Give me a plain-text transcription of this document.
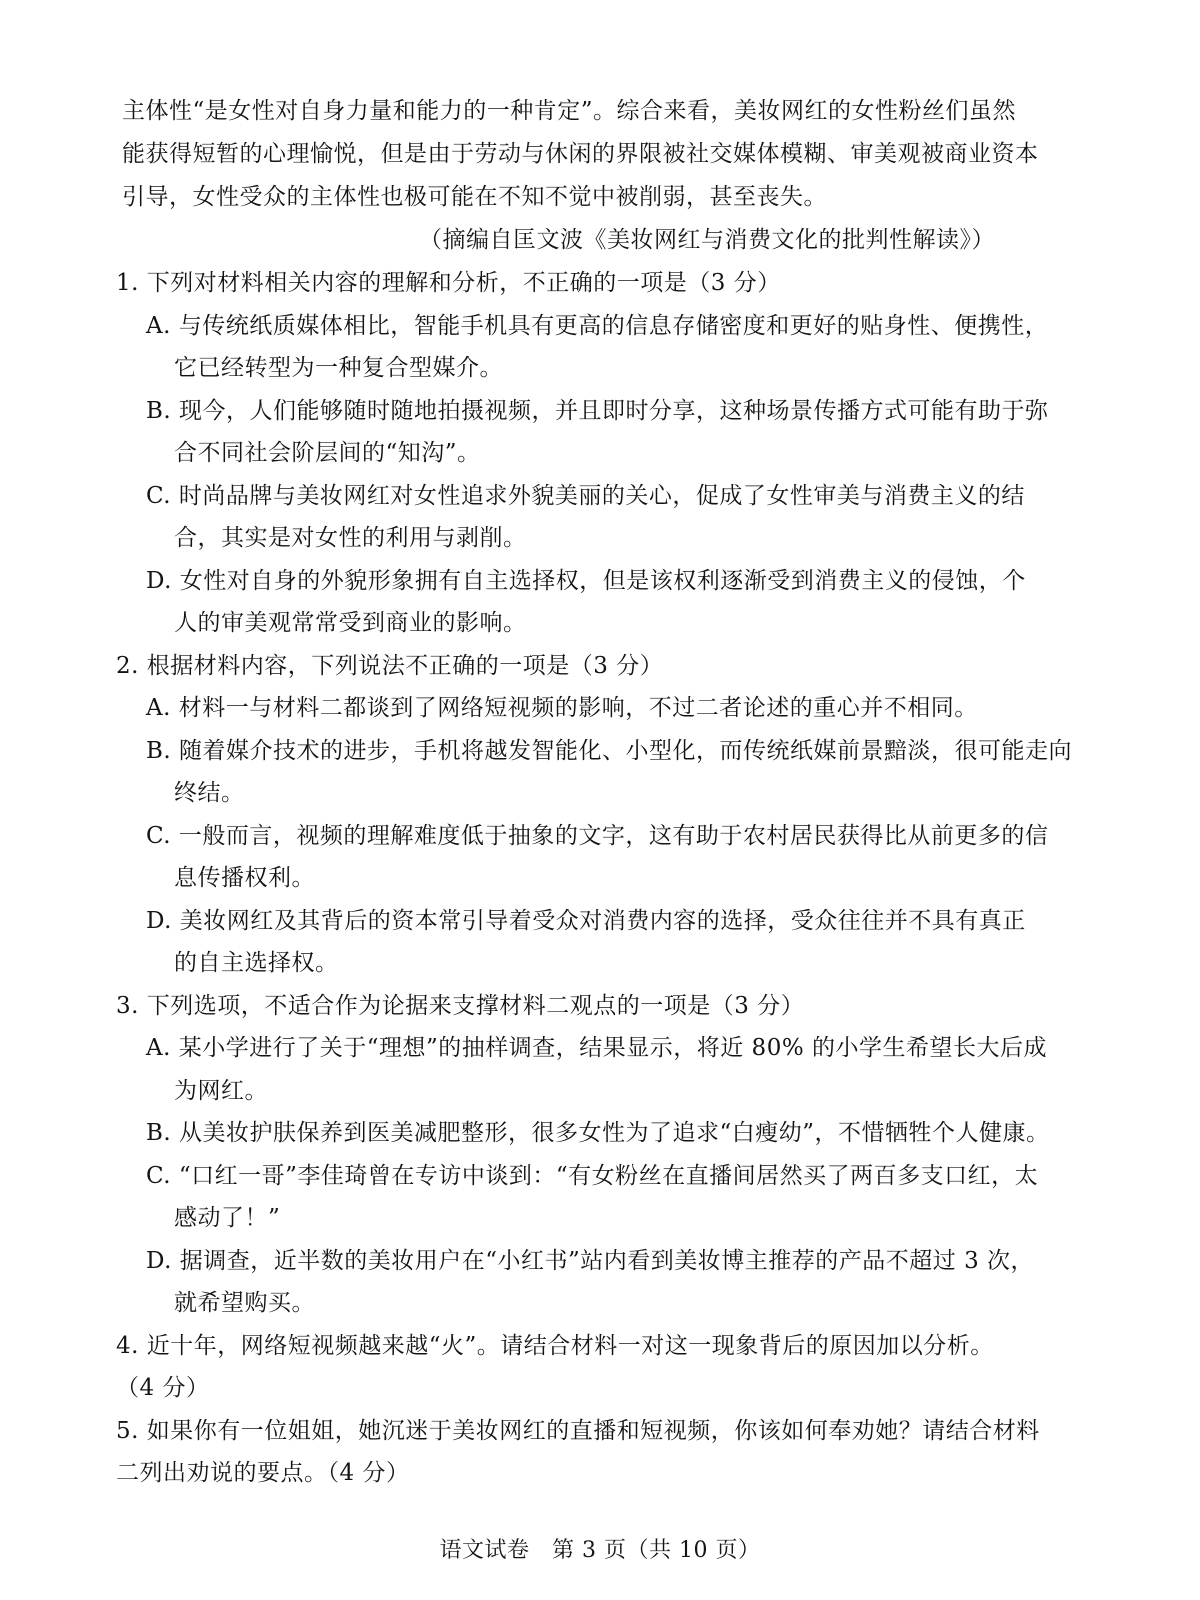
主体性“是女性对自身力量和能力的一种肯定”。综合来看，美妆网红的女性粉丝们虽然
能获得短暂的心理愉悦，但是由于劳动与休闲的界限被社交媒体模糊、审美观被商业资本
引导，女性受众的主体性也极可能在不知不觉中被削弱，甚至丧失。
（摘编自匡文波《美妆网红与消费文化的批判性解读》）
1. 下列对材料相关内容的理解和分析，不正确的一项是（3 分）
A. 与传统纸质媒体相比，智能手机具有更高的信息存储密度和更好的贴身性、便携性，
它已经转型为一种复合型媒介。
B. 现今，人们能够随时随地拍摄视频，并且即时分享，这种场景传播方式可能有助于弥
合不同社会阶层间的“知沟”。
C. 时尚品牌与美妆网红对女性追求外貌美丽的关心，促成了女性审美与消费主义的结
合，其实是对女性的利用与剥削。
D. 女性对自身的外貌形象拥有自主选择权，但是该权利逐渐受到消费主义的侵蚀，个
人的审美观常常受到商业的影响。
2. 根据材料内容，下列说法不正确的一项是（3 分）
A. 材料一与材料二都谈到了网络短视频的影响，不过二者论述的重心并不相同。
B. 随着媒介技术的进步，手机将越发智能化、小型化，而传统纸媒前景黯淡，很可能走向
终结。
C. 一般而言，视频的理解难度低于抽象的文字，这有助于农村居民获得比从前更多的信
息传播权利。
D. 美妆网红及其背后的资本常引导着受众对消费内容的选择，受众往往并不具有真正
的自主选择权。
3. 下列选项，不适合作为论据来支撑材料二观点的一项是（3 分）
A. 某小学进行了关于“理想”的抽样调查，结果显示，将近 80% 的小学生希望长大后成
为网红。
B. 从美妆护肤保养到医美减肥整形，很多女性为了追求“白瘦幼”，不惜牺牲个人健康。
C. “口红一哥”李佳琦曾在专访中谈到：“有女粉丝在直播间居然买了两百多支口红，太
感动了！”
D. 据调查，近半数的美妆用户在“小红书”站内看到美妆博主推荐的产品不超过 3 次，
就希望购买。
4. 近十年，网络短视频越来越“火”。请结合材料一对这一现象背后的原因加以分析。
（4 分）
5. 如果你有一位姐姐，她沉迷于美妆网红的直播和短视频，你该如何奉劝她？请结合材料
二列出劝说的要点。（4 分）
语文试卷　第 3 页（共 10 页）
